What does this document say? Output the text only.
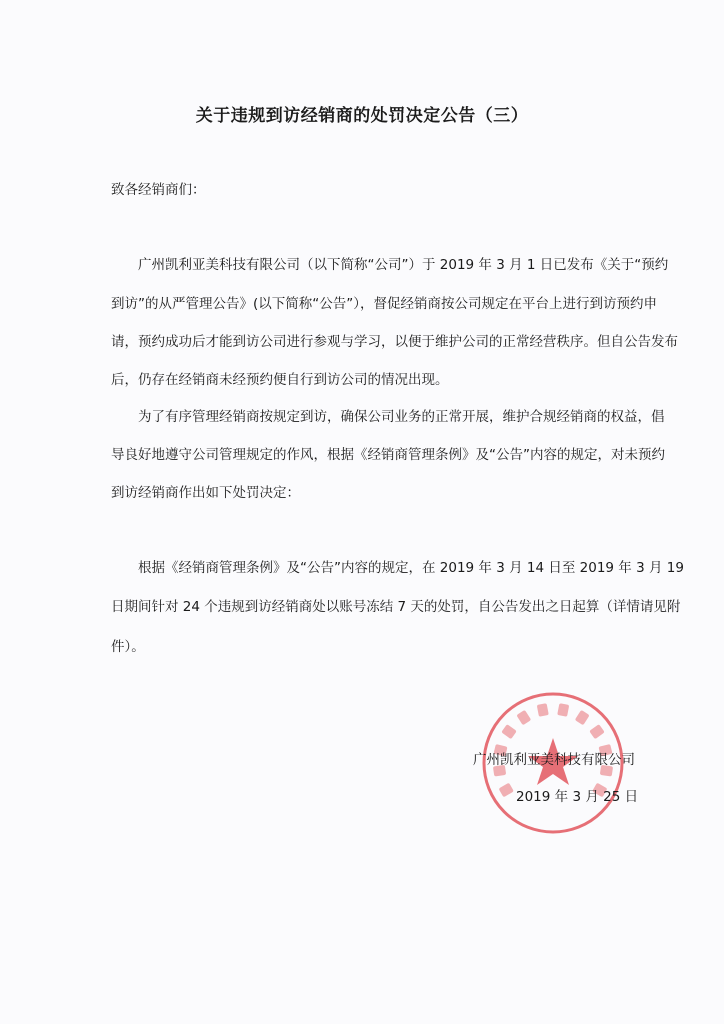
关于违规到访经销商的处罚决定公告（三）
致各经销商们：
广州凯利亚美科技有限公司（以下简称“公司”）于 2019 年 3 月 1 日已发布《关于“预约
到访”的从严管理公告》(以下简称“公告”），督促经销商按公司规定在平台上进行到访预约申
请，预约成功后才能到访公司进行参观与学习，以便于维护公司的正常经营秩序。但自公告发布
后，仍存在经销商未经预约便自行到访公司的情况出现。
为了有序管理经销商按规定到访，确保公司业务的正常开展，维护合规经销商的权益，倡
导良好地遵守公司管理规定的作风，根据《经销商管理条例》及“公告”内容的规定，对未预约
到访经销商作出如下处罚决定：
根据《经销商管理条例》及“公告”内容的规定，在 2019 年 3 月 14 日至 2019 年 3 月 19
日期间针对 24 个违规到访经销商处以账号冻结 7 天的处罚，自公告发出之日起算（详情请见附
件）。
广州凯利亚美科技有限公司
2019 年 3 月 25 日
